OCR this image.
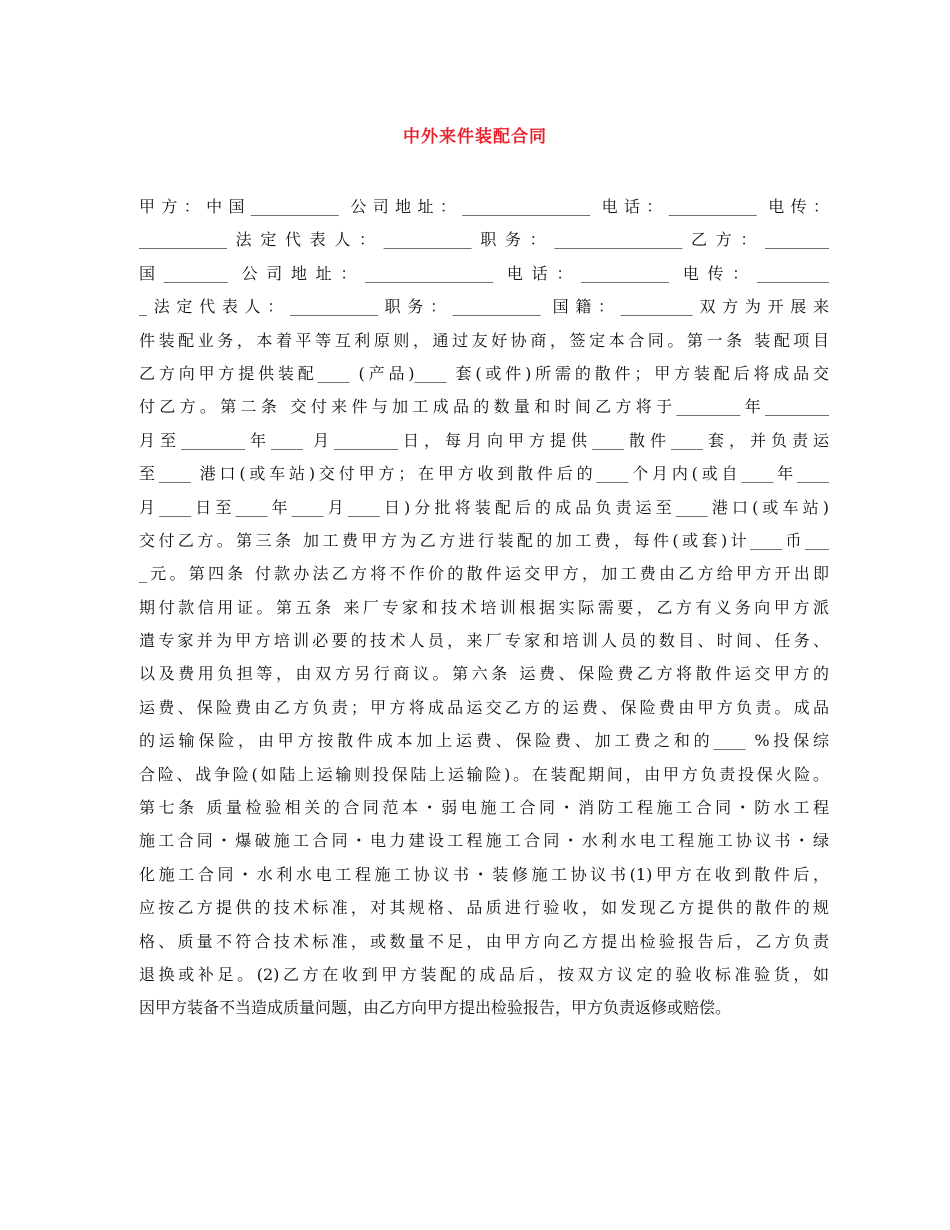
中外来件装配合同
甲方：中国___________ 公司地址：________________ 电话：___________ 电传：
___________法定代表人：___________职务：________________乙方：________
国________ 公司地址：________________ 电话：___________ 电传：_________
_法定代表人：___________职务：___________ 国籍：_________双方为开展来
件装配业务，本着平等互利原则，通过友好协商，签定本合同。第一条 装配项目
乙方向甲方提供装配____ (产品)____ 套(或件)所需的散件；甲方装配后将成品交
付乙方。第二条 交付来件与加工成品的数量和时间乙方将于________年________
月至________年____ 月________日，每月向甲方提供____散件____套，并负责运
至____ 港口(或车站)交付甲方；在甲方收到散件后的____个月内(或自____年____
月____日至____年____月____日)分批将装配后的成品负责运至____港口(或车站)
交付乙方。第三条 加工费甲方为乙方进行装配的加工费，每件(或套)计____币___
_元。第四条 付款办法乙方将不作价的散件运交甲方，加工费由乙方给甲方开出即
期付款信用证。第五条 来厂专家和技术培训根据实际需要，乙方有义务向甲方派
遣专家并为甲方培训必要的技术人员，来厂专家和培训人员的数目、时间、任务、
以及费用负担等，由双方另行商议。第六条 运费、保险费乙方将散件运交甲方的
运费、保险费由乙方负责；甲方将成品运交乙方的运费、保险费由甲方负责。成品
的运输保险，由甲方按散件成本加上运费、保险费、加工费之和的____ %投保综
合险、战争险(如陆上运输则投保陆上运输险)。在装配期间，由甲方负责投保火险。
第七条 质量检验相关的合同范本・弱电施工合同・消防工程施工合同・防水工程
施工合同・爆破施工合同・电力建设工程施工合同・水利水电工程施工协议书・绿
化施工合同・水利水电工程施工协议书・装修施工协议书(1)甲方在收到散件后，
应按乙方提供的技术标准，对其规格、品质进行验收，如发现乙方提供的散件的规
格、质量不符合技术标准，或数量不足，由甲方向乙方提出检验报告后，乙方负责
退换或补足。(2)乙方在收到甲方装配的成品后，按双方议定的验收标准验货，如
因甲方装备不当造成质量问题，由乙方向甲方提出检验报告，甲方负责返修或赔偿。
